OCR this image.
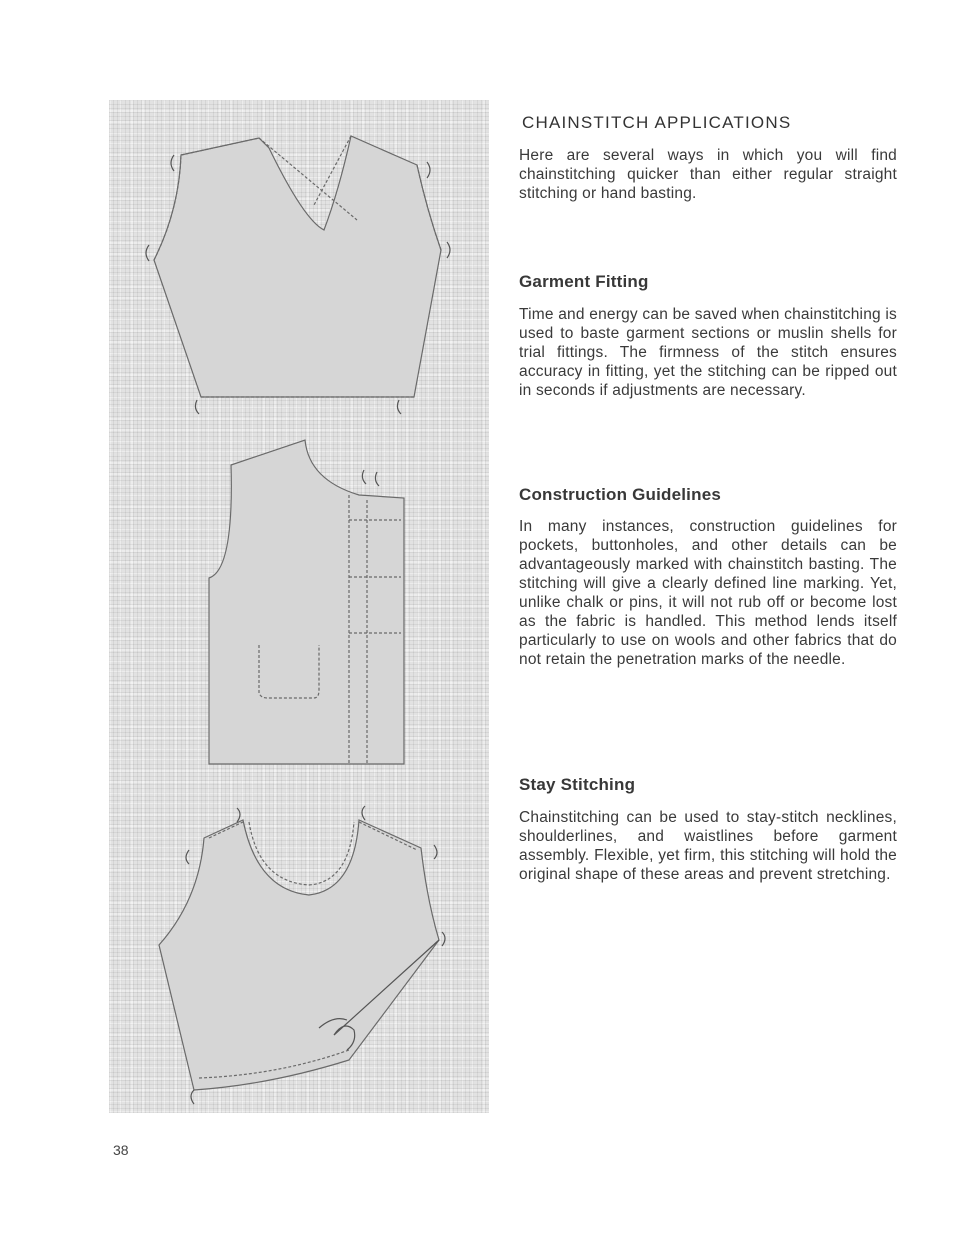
CHAINSTITCH APPLICATIONS

Here are several ways in which you will find chainstitching quicker than either regular straight stitching or hand basting.

Garment Fitting

Time and energy can be saved when chainstitching is used to baste garment sections or muslin shells for trial fittings. The firmness of the stitch ensures accuracy in fitting, yet the stitching can be ripped out in seconds if adjustments are necessary.

Construction Guidelines

In many instances, construction guidelines for pockets, buttonholes, and other details can be advantageously marked with chainstitch basting. The stitching will give a clearly defined line marking. Yet, unlike chalk or pins, it will not rub off or become lost as the fabric is handled. This method lends itself particularly to use on wools and other fabrics that do not retain the penetration marks of the needle.

Stay Stitching

Chainstitching can be used to stay-stitch necklines, shoulderlines, and waistlines before garment assembly. Flexible, yet firm, this stitching will hold the original shape of these areas and prevent stretching.

38
